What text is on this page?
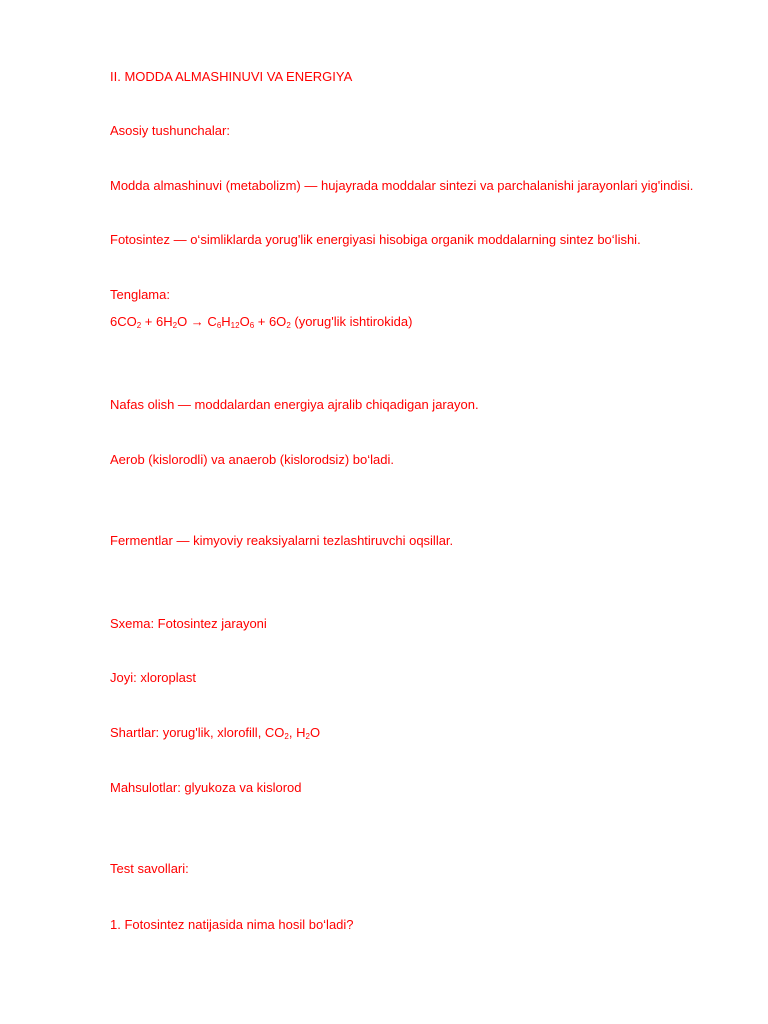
II. MODDA ALMASHINUVI VA ENERGIYA
Asosiy tushunchalar:
Modda almashinuvi (metabolizm) — hujayrada moddalar sintezi va parchalanishi jarayonlari yig'indisi.
Fotosintez — o‘simliklarda yorug'lik energiyasi hisobiga organik moddalarning sintez bo‘lishi.
Tenglama:
$6CO_2 + 6H_2O \to C_6H_{12}O_6 + 6O_2$ (yorug'lik ishtirokida)
Nafas olish — moddalardan energiya ajralib chiqadigan jarayon.
Aerob (kislorodli) va anaerob (kislorodsiz) bo‘ladi.
Fermentlar — kimyoviy reaksiyalarni tezlashtiruvchi oqsillar.
Sxema: Fotosintez jarayoni
Joyi: xloroplast
Shartlar: yorug'lik, xlorofill, $CO_2$, $H_2O$
Mahsulotlar: glyukoza va kislorod
Test savollari:
1. Fotosintez natijasida nima hosil bo‘ladi?
